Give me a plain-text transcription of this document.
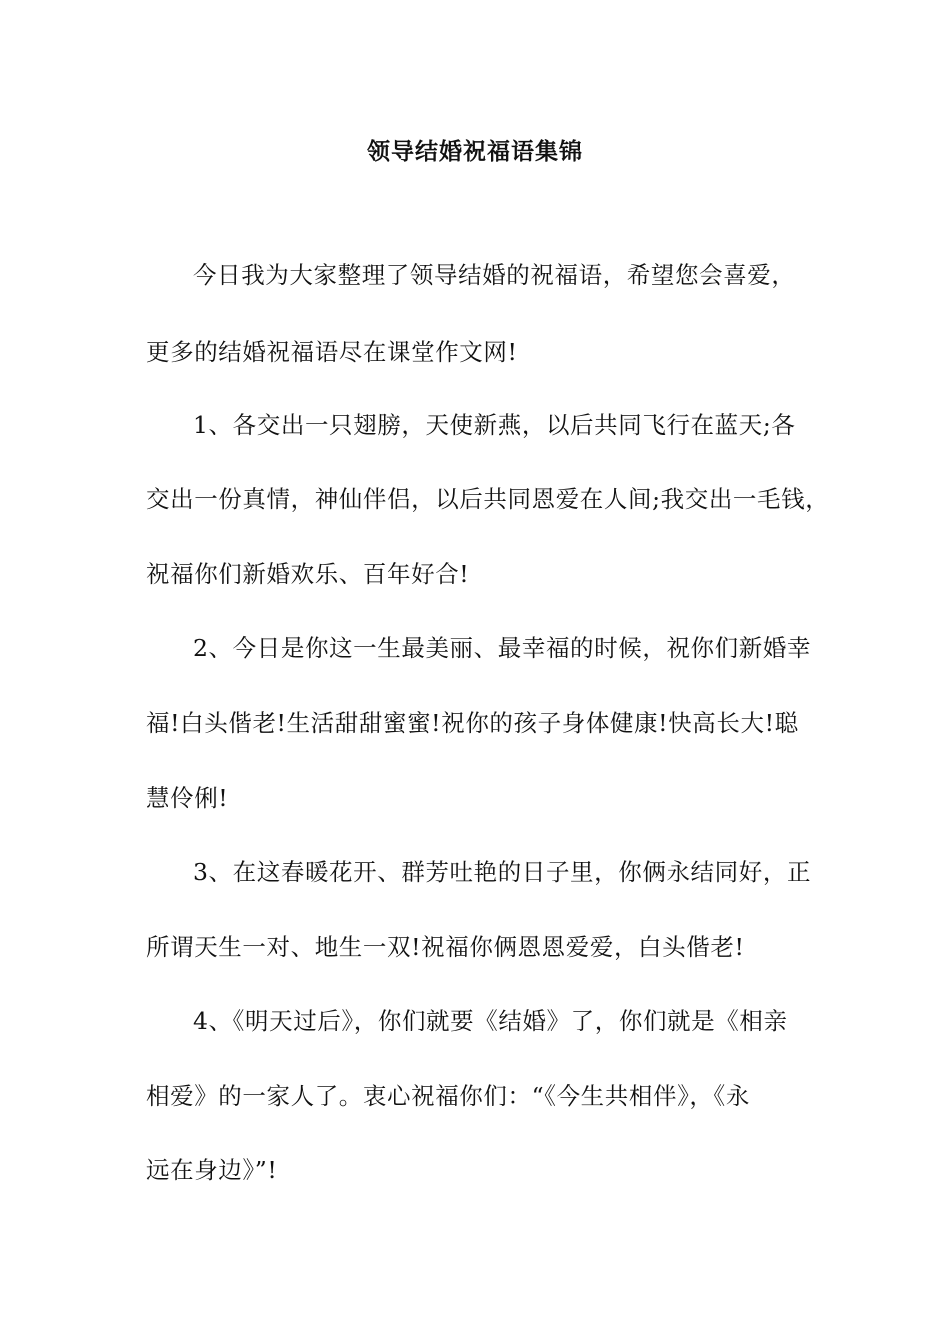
领导结婚祝福语集锦
今日我为大家整理了领导结婚的祝福语，希望您会喜爱，
更多的结婚祝福语尽在课堂作文网!
1、各交出一只翅膀，天使新燕，以后共同飞行在蓝天;各
交出一份真情，神仙伴侣，以后共同恩爱在人间;我交出一毛钱，
祝福你们新婚欢乐、百年好合!
2、今日是你这一生最美丽、最幸福的时候，祝你们新婚幸
福!白头偕老!生活甜甜蜜蜜!祝你的孩子身体健康!快高长大!聪
慧伶俐!
3、在这春暖花开、群芳吐艳的日子里，你俩永结同好，正
所谓天生一对、地生一双!祝福你俩恩恩爱爱，白头偕老!
4、《明天过后》，你们就要《结婚》了，你们就是《相亲
相爱》的一家人了。衷心祝福你们：“《今生共相伴》，《永
远在身边》”!
